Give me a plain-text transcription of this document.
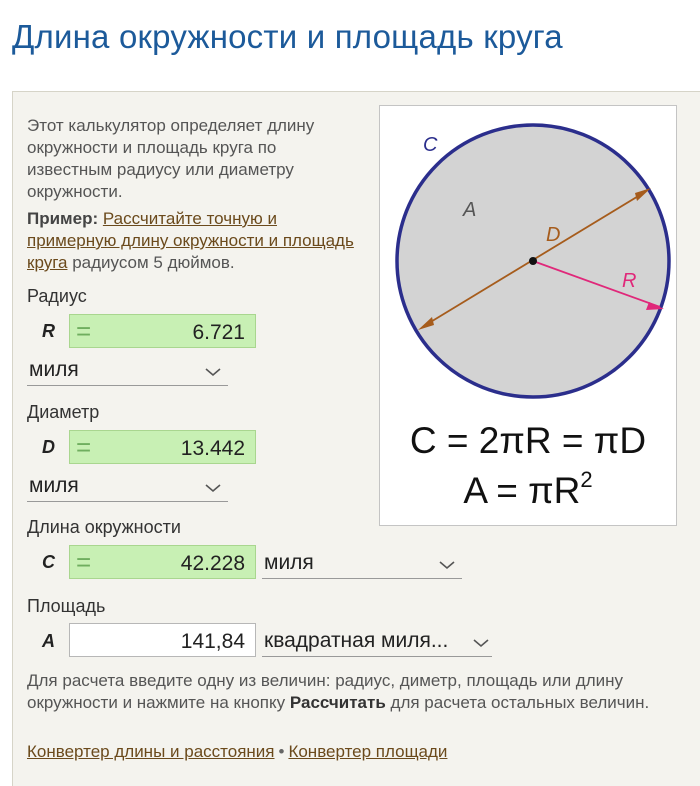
Длина окружности и площадь круга
Этот калькулятор определяет длину окружности и площадь круга по известным радиусу или диаметру окружности.
Пример: Рассчитайте точную и примерную длину окружности и площадь круга радиусом 5 дюймов.
Радиус
R =	6.721
миля
Диаметр
D =	13.442
миля
Длина окружности
C =	42.228 миля
Площадь
A	141,84 квадратная миля...
C
A
D
R
C = 2πR = πD
$A = \pi R^2$
Для расчета введите одну из величин: радиус, диметр, площадь или длину окружности и нажмите на кнопку Рассчитать для расчета остальных величин.
Конвертер длины и расстояния • Конвертер площади
